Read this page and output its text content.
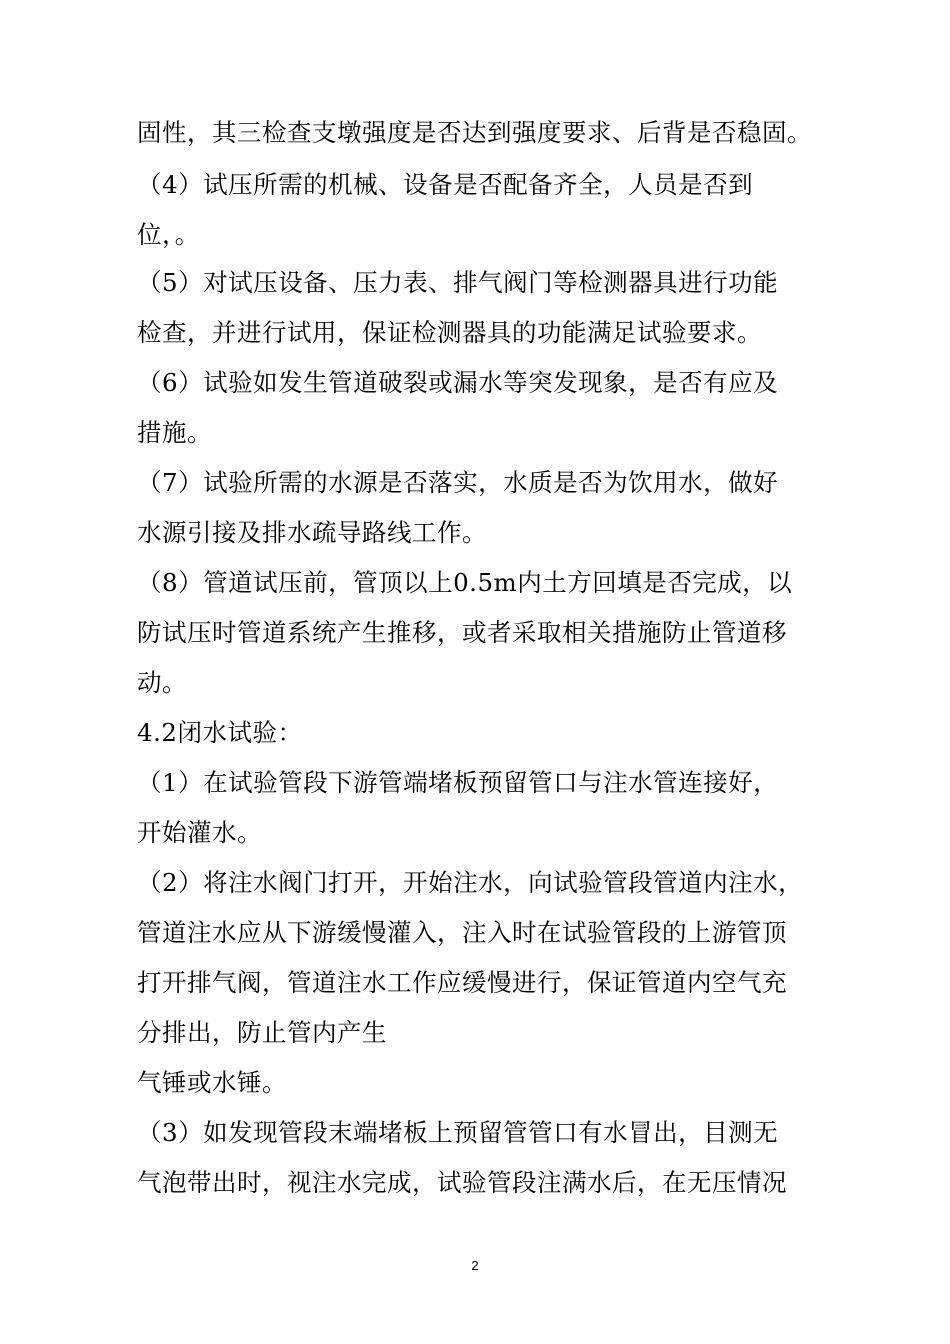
固性，其三检查支墩强度是否达到强度要求、后背是否稳固。
（4）试压所需的机械、设备是否配备齐全，人员是否到
位，。
（5）对试压设备、压力表、排气阀门等检测器具进行功能
检查，并进行试用，保证检测器具的功能满足试验要求。
（6）试验如发生管道破裂或漏水等突发现象，是否有应及
措施。
（7）试验所需的水源是否落实，水质是否为饮用水，做好
水源引接及排水疏导路线工作。
（8）管道试压前，管顶以上0.5m内土方回填是否完成，以
防试压时管道系统产生推移，或者采取相关措施防止管道移
动。
4.2闭水试验：
（1）在试验管段下游管端堵板预留管口与注水管连接好，
开始灌水。
（2）将注水阀门打开，开始注水，向试验管段管道内注水，
管道注水应从下游缓慢灌入，注入时在试验管段的上游管顶
打开排气阀，管道注水工作应缓慢进行，保证管道内空气充
分排出，防止管内产生
气锤或水锤。
（3）如发现管段末端堵板上预留管管口有水冒出，目测无
气泡带出时，视注水完成，试验管段注满水后，在无压情况
2
